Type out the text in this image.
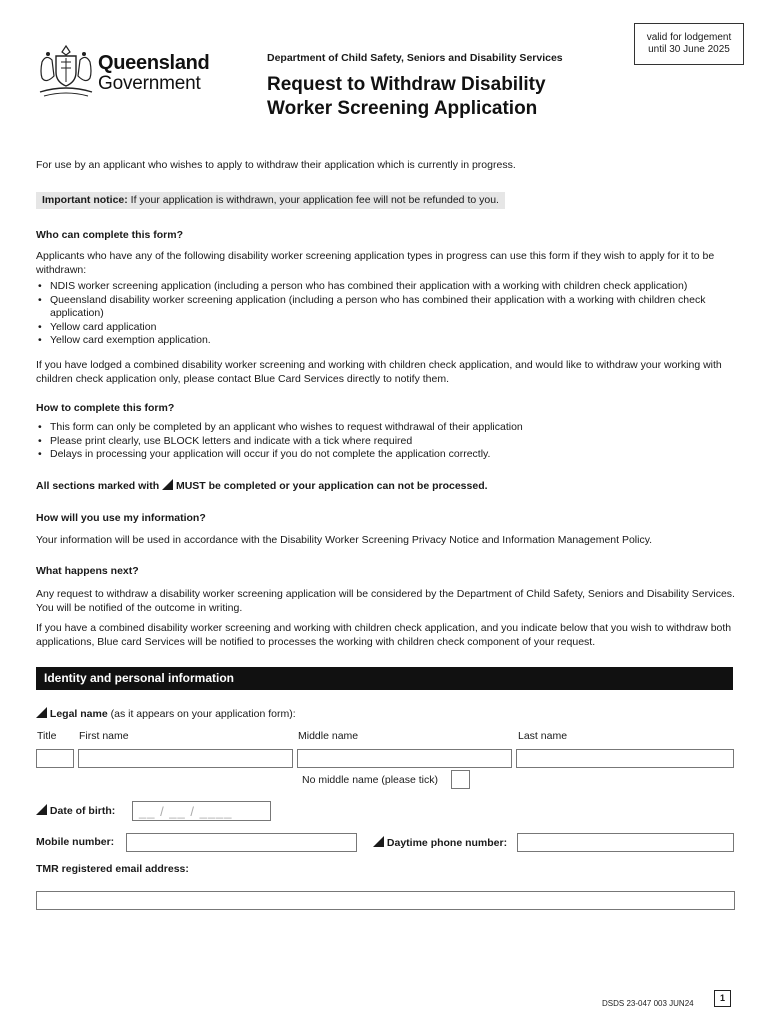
Queensland
Government
Department of Child Safety, Seniors and Disability Services
Request to Withdraw Disability
Worker Screening Application
valid for lodgement
until 30 June 2025
For use by an applicant who wishes to apply to withdraw their application which is currently in progress.
Important notice: If your application is withdrawn, your application fee will not be refunded to you.
Who can complete this form?
Applicants who have any of the following disability worker screening application types in progress can use this form if they wish to apply for it to be withdrawn:
• NDIS worker screening application (including a person who has combined their application with a working with children check application)
• Queensland disability worker screening application (including a person who has combined their application with a working with children check application)
• Yellow card application
• Yellow card exemption application.
If you have lodged a combined disability worker screening and working with children check application, and would like to withdraw your working with children check application only, please contact Blue Card Services directly to notify them.
How to complete this form?
• This form can only be completed by an applicant who wishes to request withdrawal of their application
• Please print clearly, use BLOCK letters and indicate with a tick where required
• Delays in processing your application will occur if you do not complete the application correctly.
All sections marked with MUST be completed or your application can not be processed.
How will you use my information?
Your information will be used in accordance with the Disability Worker Screening Privacy Notice and Information Management Policy.
What happens next?
Any request to withdraw a disability worker screening application will be considered by the Department of Child Safety, Seniors and Disability Services. You will be notified of the outcome in writing.
If you have a combined disability worker screening and working with children check application, and you indicate below that you wish to withdraw both applications, Blue card Services will be notified to processes the working with children check component of your request.
Identity and personal information
Legal name (as it appears on your application form):
Title First name	Middle name	Last name
No middle name (please tick)
Date of birth:	__ / __ / ____
Mobile number:	Daytime phone number:
TMR registered email address:
DSDS 23-047 003 JUN24
1
